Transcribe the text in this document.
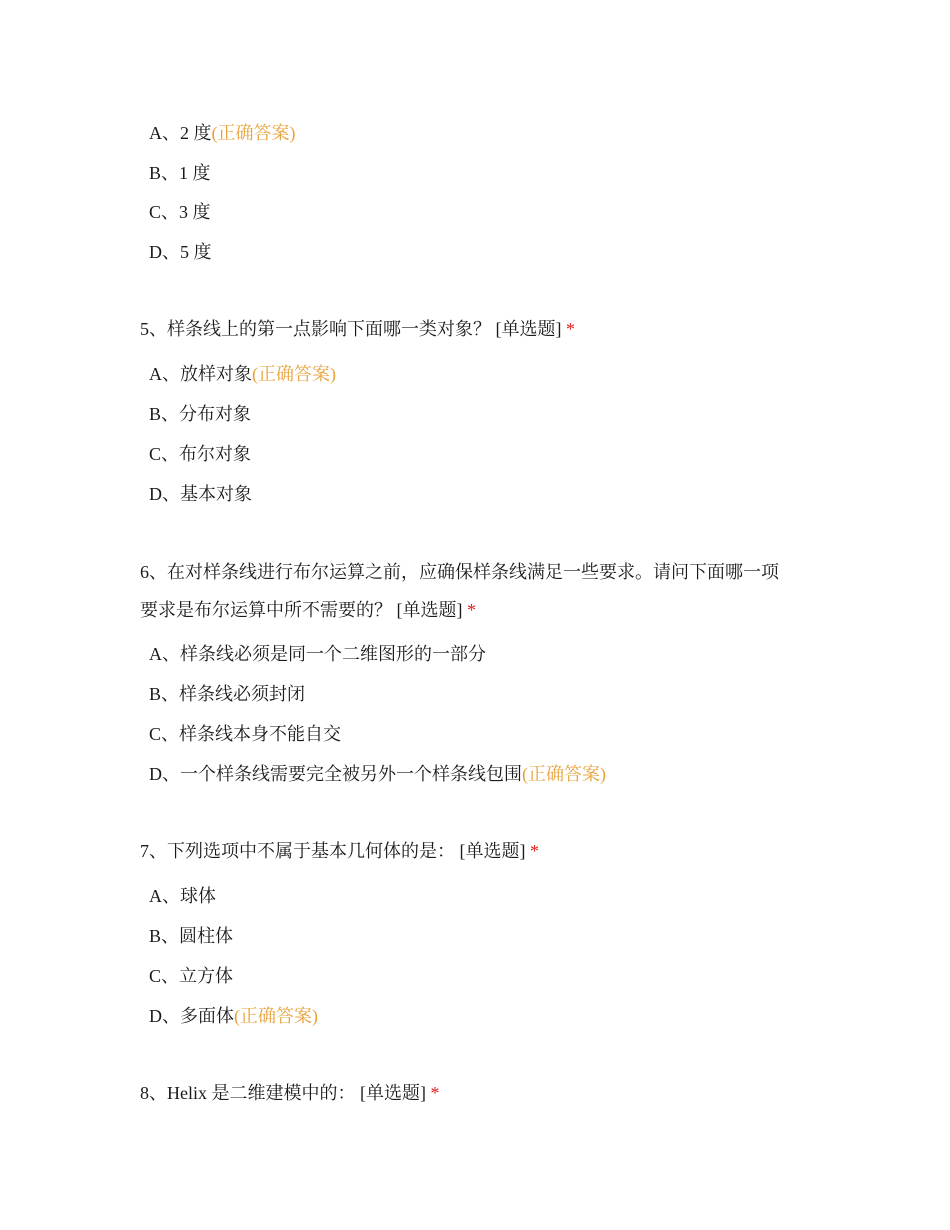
A、2 度(正确答案)
B、1 度
C、3 度
D、5 度
5、样条线上的第一点影响下面哪一类对象？ [单选题] *
A、放样对象(正确答案)
B、分布对象
C、布尔对象
D、基本对象
6、在对样条线进行布尔运算之前，应确保样条线满足一些要求。请问下面哪一项
要求是布尔运算中所不需要的？ [单选题] *
A、样条线必须是同一个二维图形的一部分
B、样条线必须封闭
C、样条线本身不能自交
D、一个样条线需要完全被另外一个样条线包围(正确答案)
7、下列选项中不属于基本几何体的是： [单选题] *
A、球体
B、圆柱体
C、立方体
D、多面体(正确答案)
8、Helix 是二维建模中的： [单选题] *
